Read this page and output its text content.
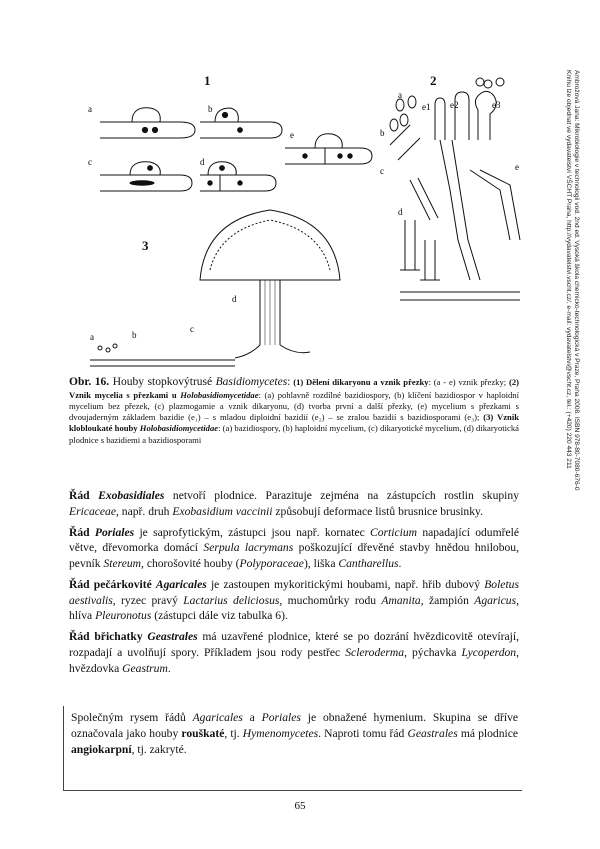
a	b
c	d
e
a
e1 e2	e3
b
c
d
e
a	b
c
d
1	2
3
Obr. 16. Houby stopkovýtrusé Basidiomycetes: (1) Dělení dikaryonu a vznik přezky: (a - e) vznik přezky; (2) Vznik mycelia s přezkami u Holobasidiomycetidae: (a) pohlavně rozdílné bazidiospory, (b) klíčení bazidiospor v haploidní mycelium bez přezek, (c) plazmogamie a vznik dikaryonu, (d) tvorba první a další přezky, (e) mycelium s přezkami s dvoujaderným základem bazidie (e₁) – s mladou diploidní bazidií (e₂) – se zralou bazidií s bazidiosporami (e₃); (3) Vznik klobloukaté houby Holobasidiomycetidae: (a) bazidiospory, (b) haploidní mycelium, (c) dikaryotické mycelium, (d) dikaryotická plodnice s bazidiemi a bazidiosporami

Řád Exobasidiales netvoří plodnice. Parazituje zejména na zástupcích rostlin skupiny Ericaceae, např. druh Exobasidium vaccinii způsobují deformace listů brusnice brusinky.

Řád Poriales je saprofytickým, zástupci jsou např. kornatec Corticium napadající odumřelé větve, dřevomorka domácí Serpula lacrymans poškozující dřevěné stavby hnědou hnilobou, pevník Stereum, chorošovité houby (Polyporaceae), liška Cantharellus.

Řád pečárkovité Agaricales je zastoupen mykoritickými houbami, např. hřib dubový Boletus aestivalis, ryzec pravý Lactarius deliciosus, muchomůrky rodu Amanita, žampión Agaricus, hlíva Pleuronotus (zástupci dále viz tabulka 6).

Řád břichatky Geastrales má uzavřené plodnice, které se po dozrání hvězdicovitě otevírají, rozpadají a uvolňují spory. Příkladem jsou rody pestřec Scleroderma, pýchavka Lycoperdon, hvězdovka Geastrum.

Společným rysem řádů Agaricales a Poriales je obnažené hymenium. Skupina se dříve označovala jako houby rouškaté, tj. Hymenomycetes. Naproti tomu řád Geastrales má plodnice angiokarpní, tj. zakryté.
65
Ambrožová Jana: Mikrobiologie v technologii vod. 2nd ed. Vysoká škola chemicko-technologická v Praze, Praha 2008. ISBN 978-80-7080-676-0
Knihu lze objednat ve vydavatelství VŠCHT Praha, http://vydavatelstvi.vscht.cz/, e-mail: vydavatelstvi@vscht.cz, tel.: (+420) 220 443 211
